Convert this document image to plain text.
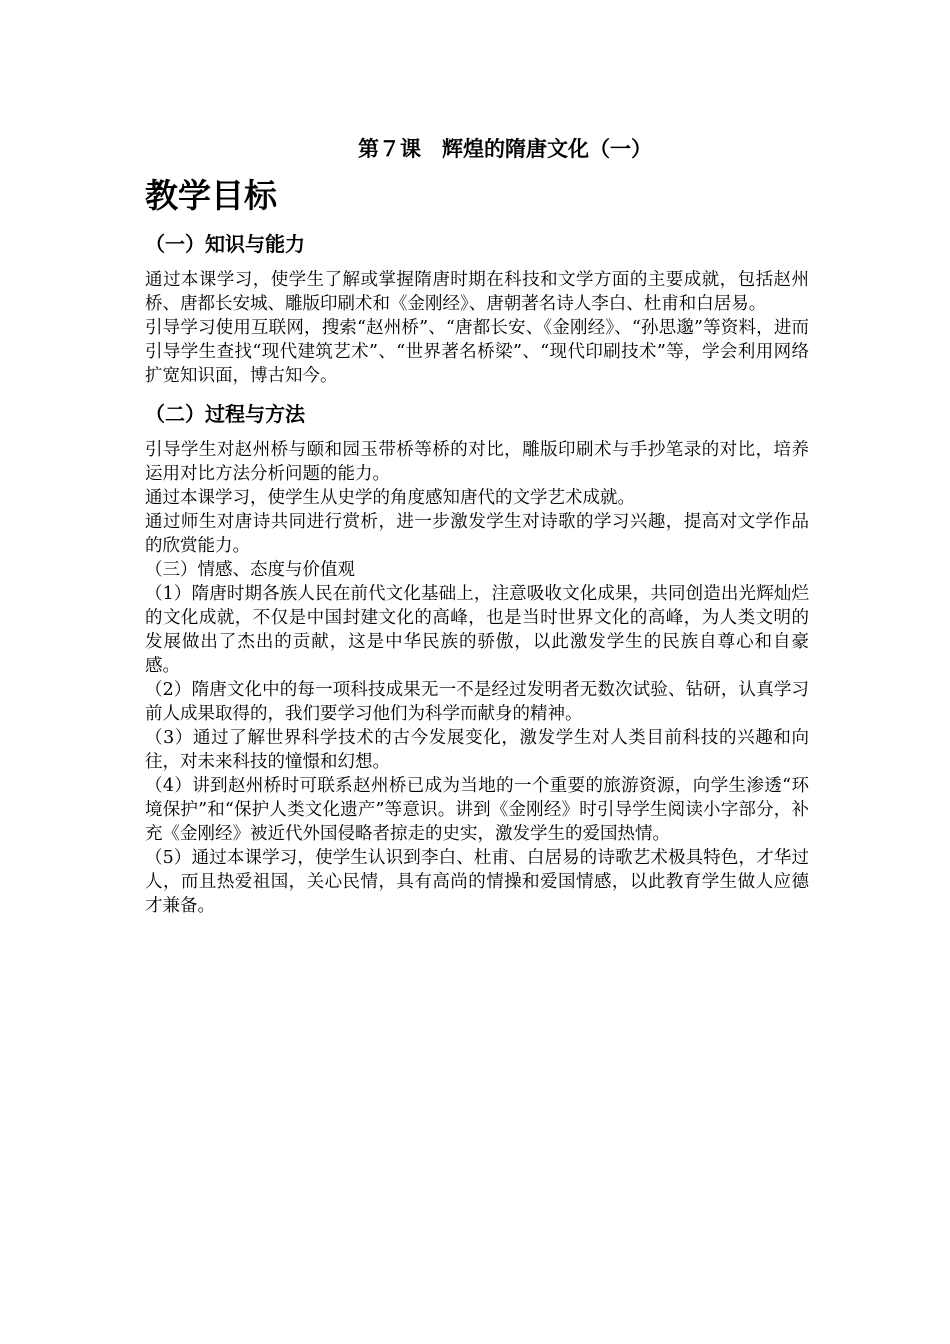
第７课　辉煌的隋唐文化（一）
教学目标
（一）知识与能力

通过本课学习，使学生了解或掌握隋唐时期在科技和文学方面的主要成就，包括赵州桥、唐都长安城、雕版印刷术和《金刚经》、唐朝著名诗人李白、杜甫和白居易。

引导学习使用互联网，搜索“赵州桥”、“唐都长安、《金刚经》、“孙思邈”等资料，进而引导学生查找“现代建筑艺术”、“世界著名桥梁”、“现代印刷技术”等，学会利用网络扩宽知识面，博古知今。

（二）过程与方法

引导学生对赵州桥与颐和园玉带桥等桥的对比，雕版印刷术与手抄笔录的对比，培养运用对比方法分析问题的能力。

通过本课学习，使学生从史学的角度感知唐代的文学艺术成就。

通过师生对唐诗共同进行赏析，进一步激发学生对诗歌的学习兴趣，提高对文学作品的欣赏能力。

（三）情感、态度与价值观

（1）隋唐时期各族人民在前代文化基础上，注意吸收文化成果，共同创造出光辉灿烂的文化成就，不仅是中国封建文化的高峰，也是当时世界文化的高峰，为人类文明的发展做出了杰出的贡献，这是中华民族的骄傲，以此激发学生的民族自尊心和自豪感。

（2）隋唐文化中的每一项科技成果无一不是经过发明者无数次试验、钻研，认真学习前人成果取得的，我们要学习他们为科学而献身的精神。

（3）通过了解世界科学技术的古今发展变化，激发学生对人类目前科技的兴趣和向往，对未来科技的憧憬和幻想。

（4）讲到赵州桥时可联系赵州桥已成为当地的一个重要的旅游资源，向学生渗透“环境保护”和“保护人类文化遗产”等意识。讲到《金刚经》时引导学生阅读小字部分，补充《金刚经》被近代外国侵略者掠走的史实，激发学生的爱国热情。

（5）通过本课学习，使学生认识到李白、杜甫、白居易的诗歌艺术极具特色，才华过人，而且热爱祖国，关心民情，具有高尚的情操和爱国情感，以此教育学生做人应德才兼备。
